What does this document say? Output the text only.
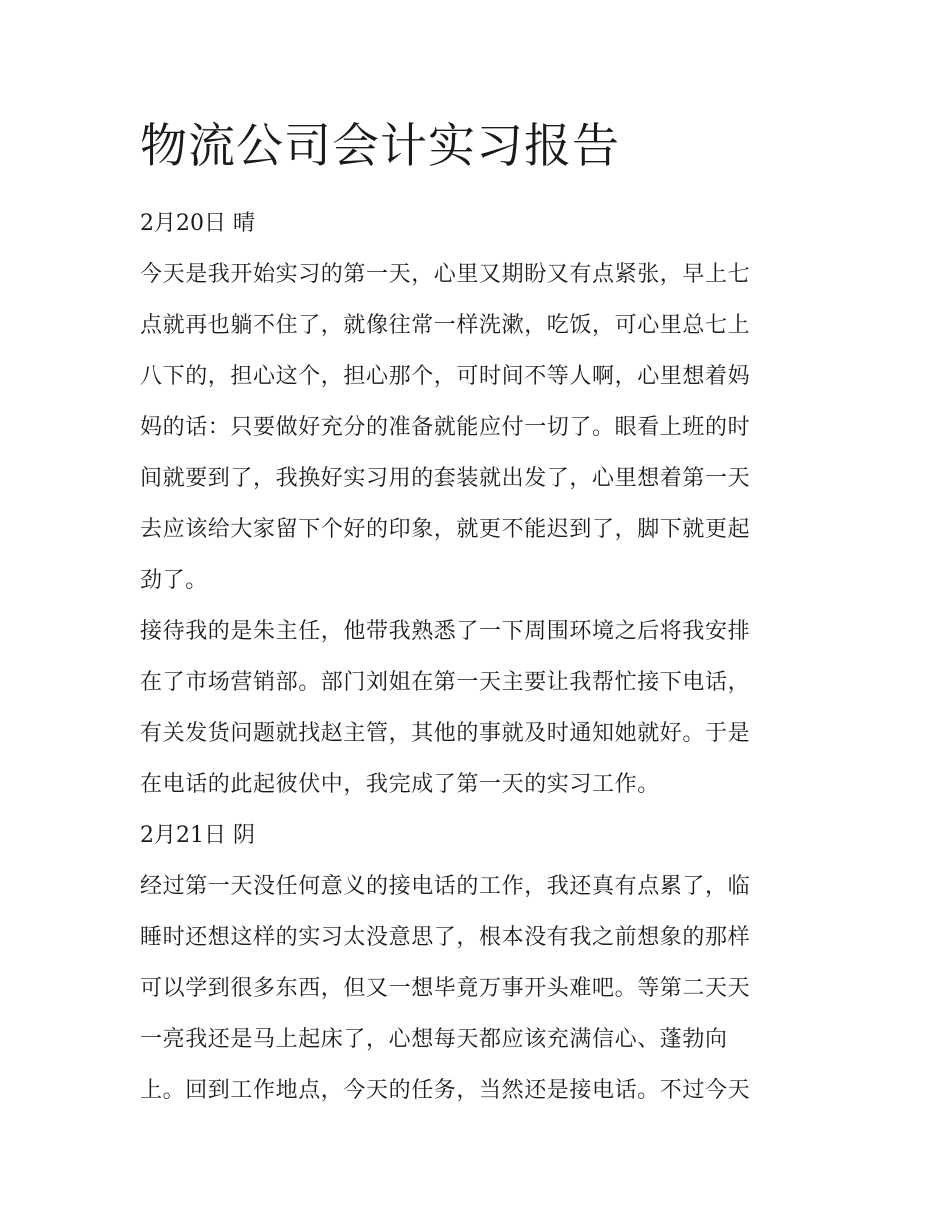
物流公司会计实习报告

2月20日 晴

今天是我开始实习的第一天，心里又期盼又有点紧张，早上七

点就再也躺不住了，就像往常一样洗漱，吃饭，可心里总七上

八下的，担心这个，担心那个，可时间不等人啊，心里想着妈

妈的话：只要做好充分的准备就能应付一切了。眼看上班的时

间就要到了，我换好实习用的套装就出发了，心里想着第一天

去应该给大家留下个好的印象，就更不能迟到了，脚下就更起

劲了。

接待我的是朱主任，他带我熟悉了一下周围环境之后将我安排

在了市场营销部。部门刘姐在第一天主要让我帮忙接下电话，

有关发货问题就找赵主管，其他的事就及时通知她就好。于是

在电话的此起彼伏中，我完成了第一天的实习工作。

2月21日 阴

经过第一天没任何意义的接电话的工作，我还真有点累了，临

睡时还想这样的实习太没意思了，根本没有我之前想象的那样

可以学到很多东西，但又一想毕竟万事开头难吧。等第二天天

一亮我还是马上起床了，心想每天都应该充满信心、蓬勃向

上。回到工作地点，今天的任务，当然还是接电话。不过今天
